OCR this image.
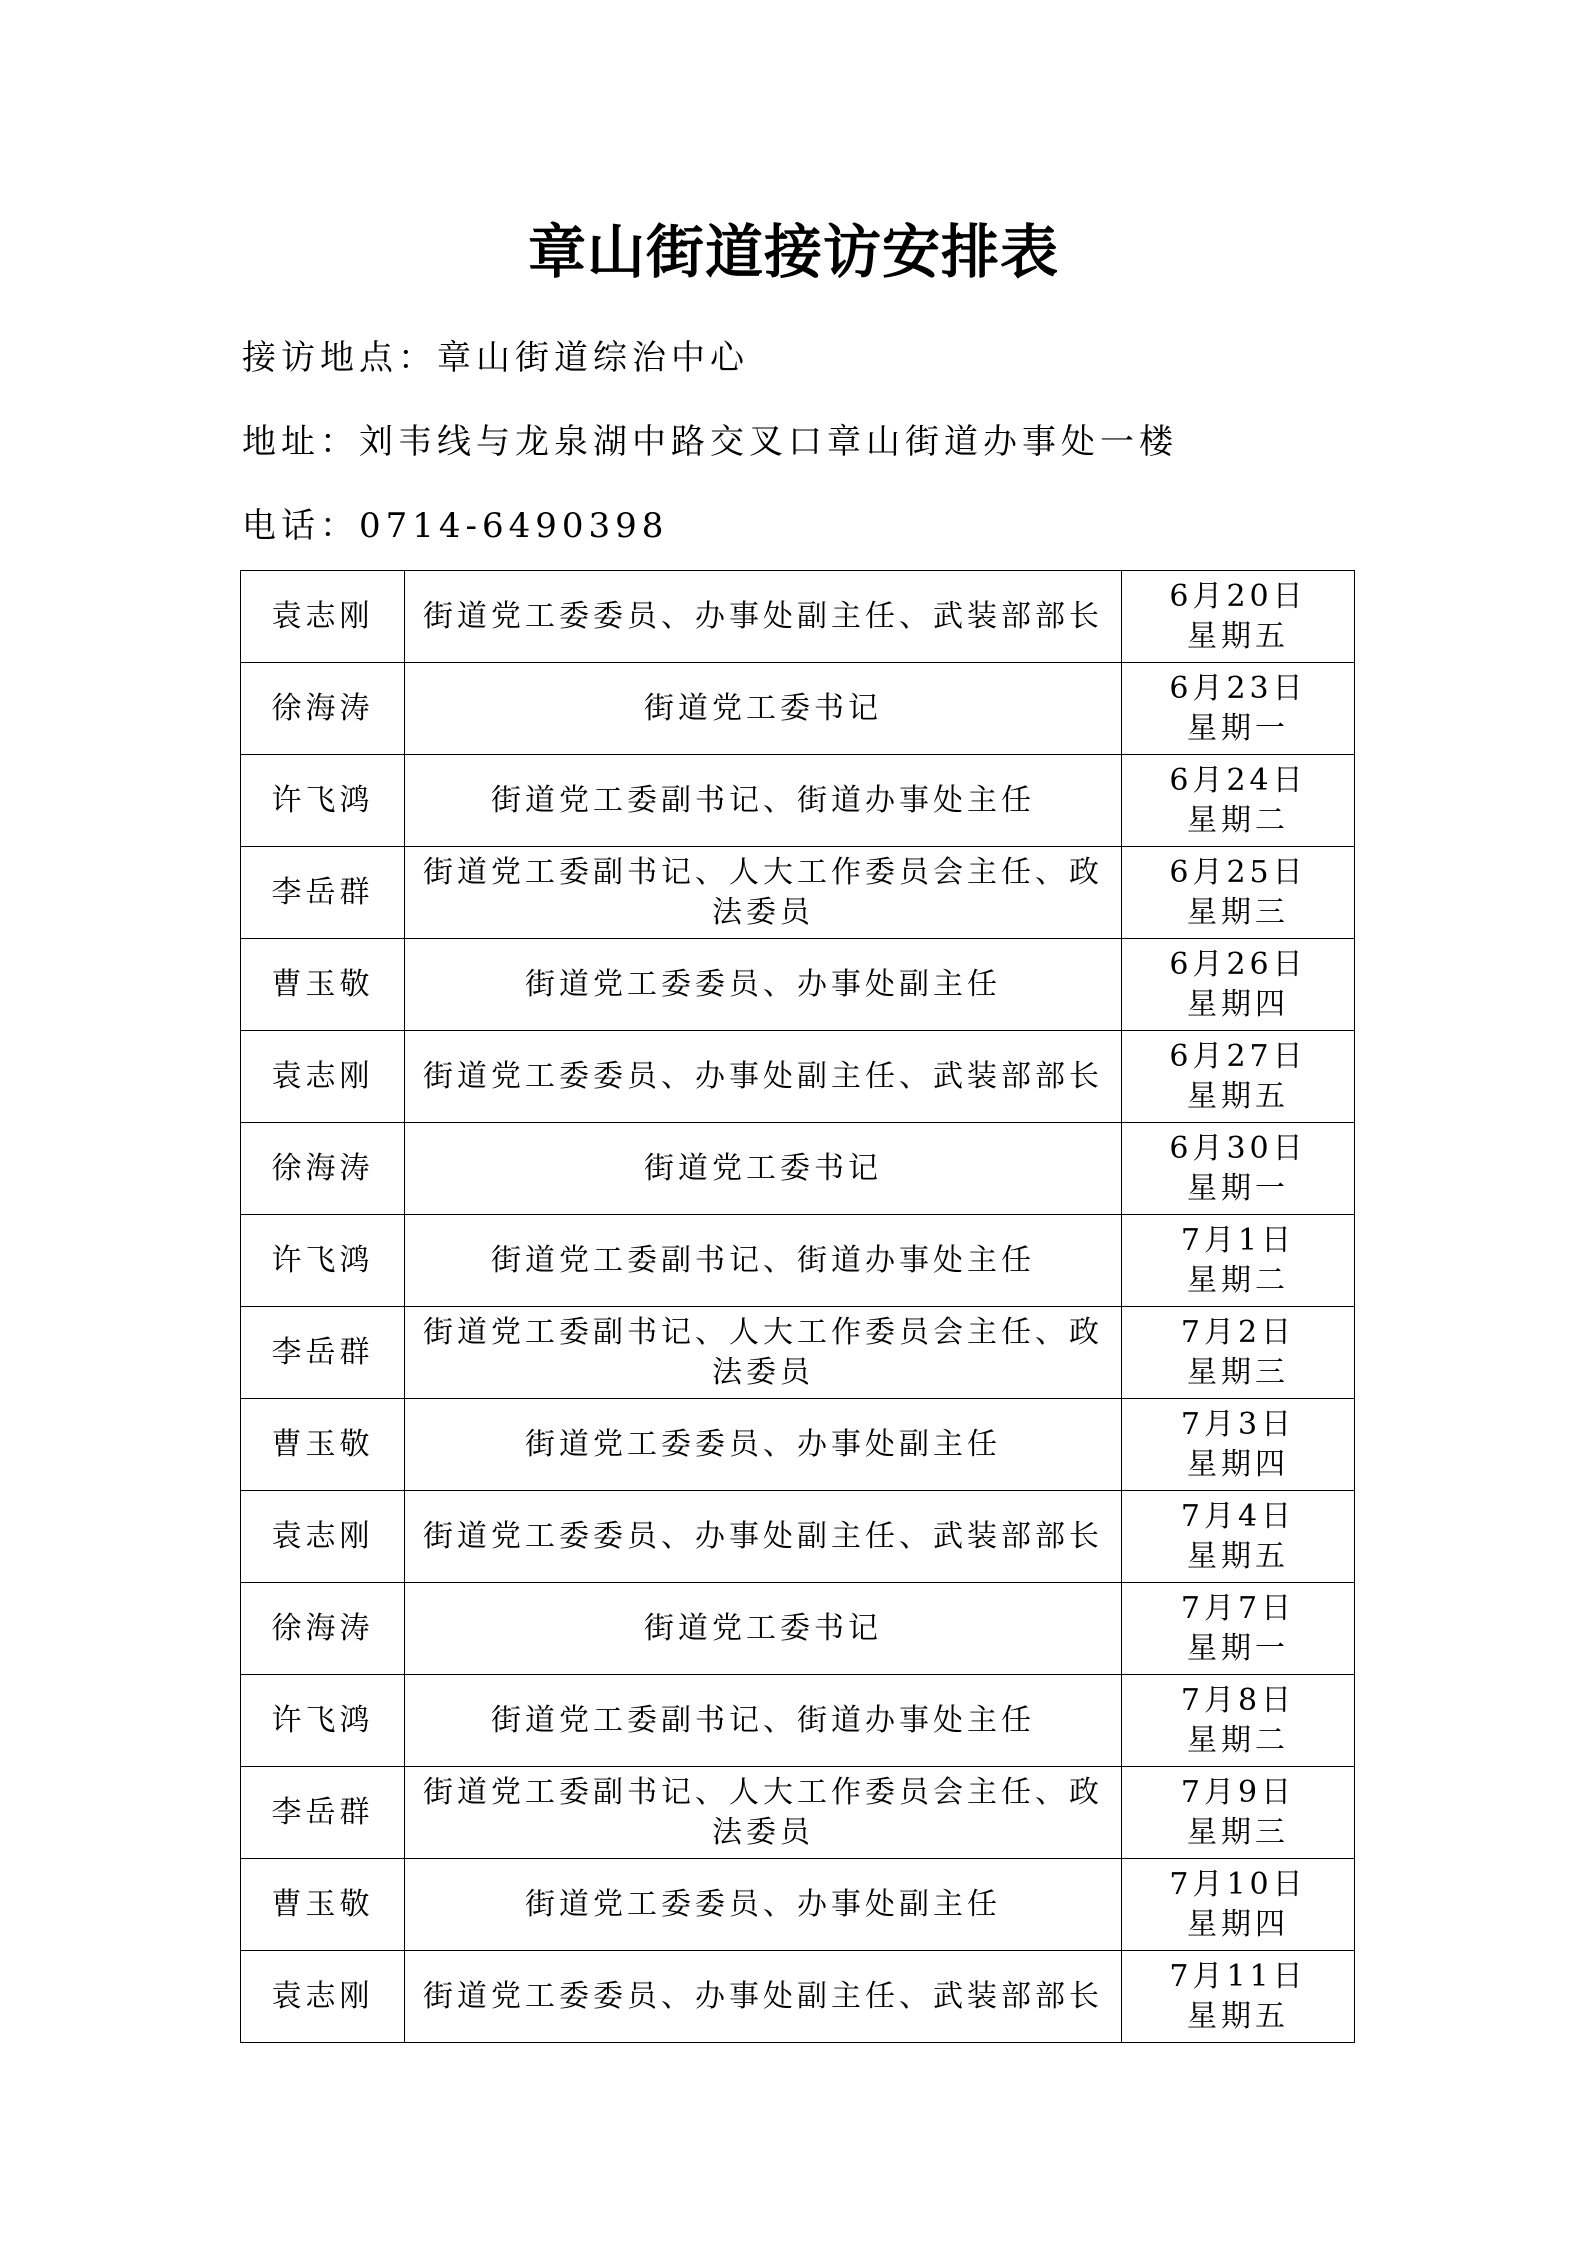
章山街道接访安排表
接访地点：章山街道综治中心
地址：刘韦线与龙泉湖中路交叉口章山街道办事处一楼
电话：0714-6490398
袁志刚	街道党工委委员、办事处副主任、武装部部长	6月20日
星期五

徐海涛	街道党工委书记	6月23日
星期一

许飞鸿	街道党工委副书记、街道办事处主任	6月24日
星期二

李岳群	街道党工委副书记、人大工作委员会主任、政法委员	6月25日
星期三

曹玉敬	街道党工委委员、办事处副主任	6月26日
星期四

袁志刚	街道党工委委员、办事处副主任、武装部部长	6月27日
星期五

徐海涛	街道党工委书记	6月30日
星期一

许飞鸿	街道党工委副书记、街道办事处主任	7月1日
星期二

李岳群	街道党工委副书记、人大工作委员会主任、政法委员	7月2日
星期三

曹玉敬	街道党工委委员、办事处副主任	7月3日
星期四

袁志刚	街道党工委委员、办事处副主任、武装部部长	7月4日
星期五

徐海涛	街道党工委书记	7月7日
星期一

许飞鸿	街道党工委副书记、街道办事处主任	7月8日
星期二

李岳群	街道党工委副书记、人大工作委员会主任、政法委员	7月9日
星期三

曹玉敬	街道党工委委员、办事处副主任	7月10日
星期四

袁志刚	街道党工委委员、办事处副主任、武装部部长	7月11日
星期五
